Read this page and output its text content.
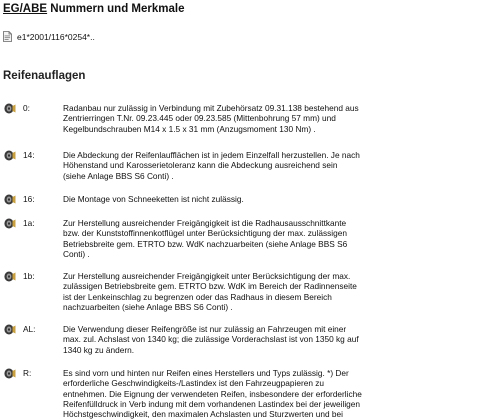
EG/ABE Nummern und Merkmale
e1*2001/116*0254*..
Reifenauflagen
0:	Radanbau nur zulässig in Verbindung mit Zubehörsatz 09.31.138 bestehend aus
Zentrierringen T.Nr. 09.23.445 oder 09.23.585 (Mittenbohrung 57 mm) und
Kegelbundschrauben M14 x 1.5 x 31 mm (Anzugsmoment 130 Nm) .
14:	Die Abdeckung der Reifenlaufflächen ist in jedem Einzelfall herzustellen. Je nach
Höhenstand und Karosserietoleranz kann die Abdeckung ausreichend sein
(siehe Anlage BBS S6 Conti) .
16:	Die Montage von Schneeketten ist nicht zulässig.
1a:	Zur Herstellung ausreichender Freigängigkeit ist die Radhausausschnittkante
bzw. der Kunststoffinnenkotflügel unter Berücksichtigung der max. zulässigen
Betriebsbreite gem. ETRTO bzw. WdK nachzuarbeiten (siehe Anlage BBS S6
Conti) .
1b:	Zur Herstellung ausreichender Freigängigkeit unter Berücksichtigung der max.
zulässigen Betriebsbreite gem. ETRTO bzw. WdK im Bereich der Radinnenseite
ist der Lenkeinschlag zu begrenzen oder das Radhaus in diesem Bereich
nachzuarbeiten (siehe Anlage BBS S6 Conti) .
AL:	Die Verwendung dieser Reifengröße ist nur zulässig an Fahrzeugen mit einer
max. zul. Achslast von 1340 kg; die zulässige Vorderachslast ist von 1350 kg auf
1340 kg zu ändern.
R:	Es sind vorn und hinten nur Reifen eines Herstellers und Typs zulässig. *) Der
erforderliche Geschwindigkeits-/Lastindex ist den Fahrzeugpapieren zu
entnehmen. Die Eignung der verwendeten Reifen, insbesondere der erforderliche
Reifenfülldruck in Verb indung mit dem vorhandenen Lastindex bei der jeweiligen
Höchstgeschwindigkeit, den maximalen Achslasten und Sturzwerten und bei
